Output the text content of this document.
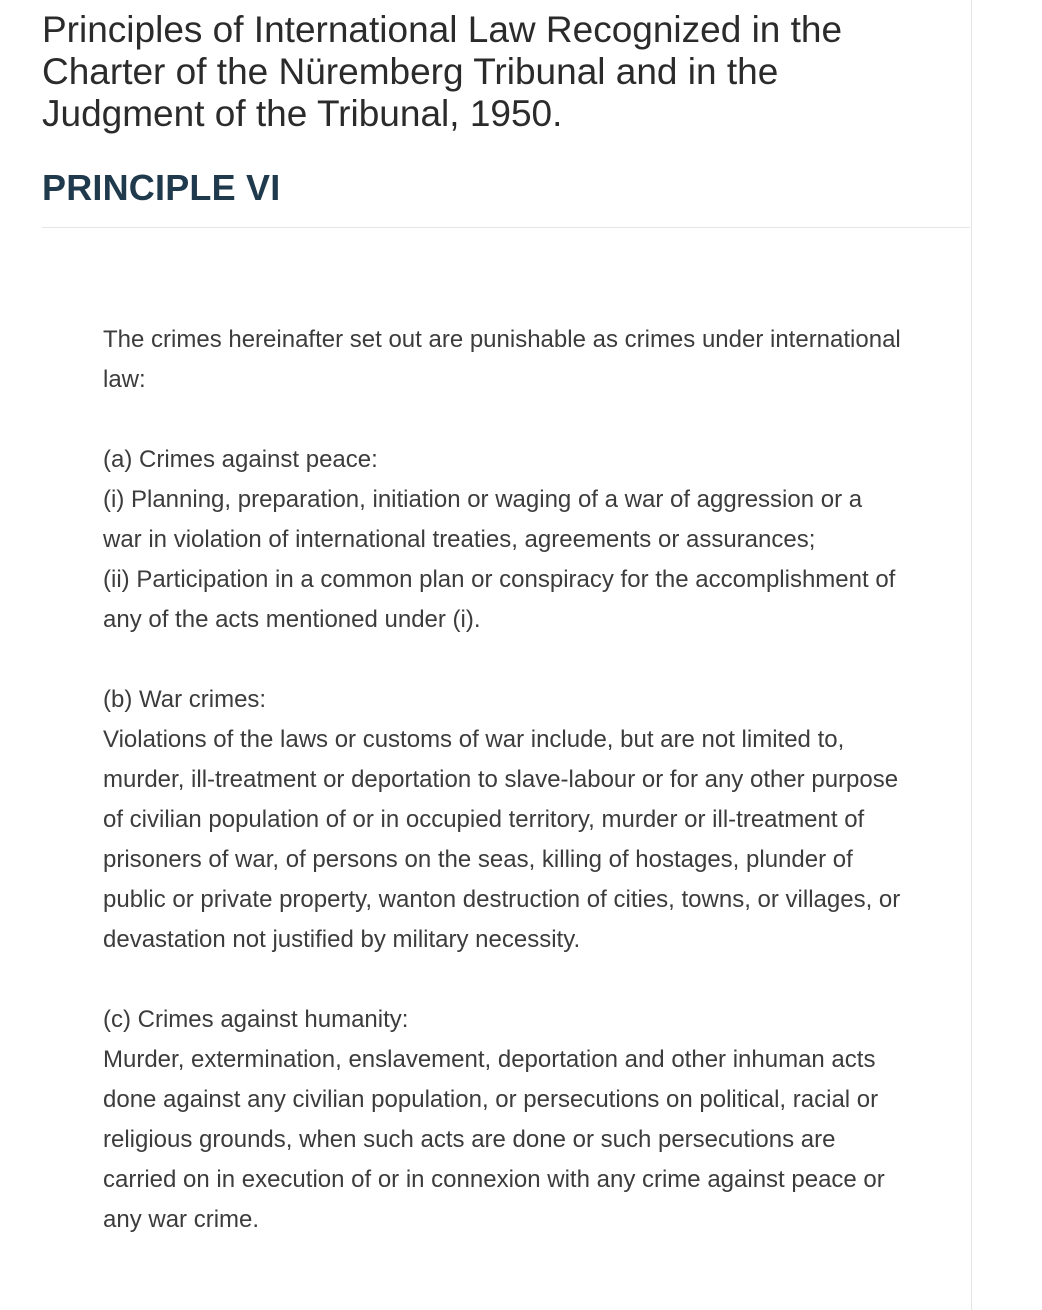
Principles of International Law Recognized in the
Charter of the Nüremberg Tribunal and in the
Judgment of the Tribunal, 1950.
PRINCIPLE VI

The crimes hereinafter set out are punishable as crimes under international
law:

(a) Crimes against peace:
(i) Planning, preparation, initiation or waging of a war of aggression or a
war in violation of international treaties, agreements or assurances;
(ii) Participation in a common plan or conspiracy for the accomplishment of
any of the acts mentioned under (i).

(b) War crimes:
Violations of the laws or customs of war include, but are not limited to,
murder, ill-treatment or deportation to slave-labour or for any other purpose
of civilian population of or in occupied territory, murder or ill-treatment of
prisoners of war, of persons on the seas, killing of hostages, plunder of
public or private property, wanton destruction of cities, towns, or villages, or
devastation not justified by military necessity.

(c) Crimes against humanity:
Murder, extermination, enslavement, deportation and other inhuman acts
done against any civilian population, or persecutions on political, racial or
religious grounds, when such acts are done or such persecutions are
carried on in execution of or in connexion with any crime against peace or
any war crime.
